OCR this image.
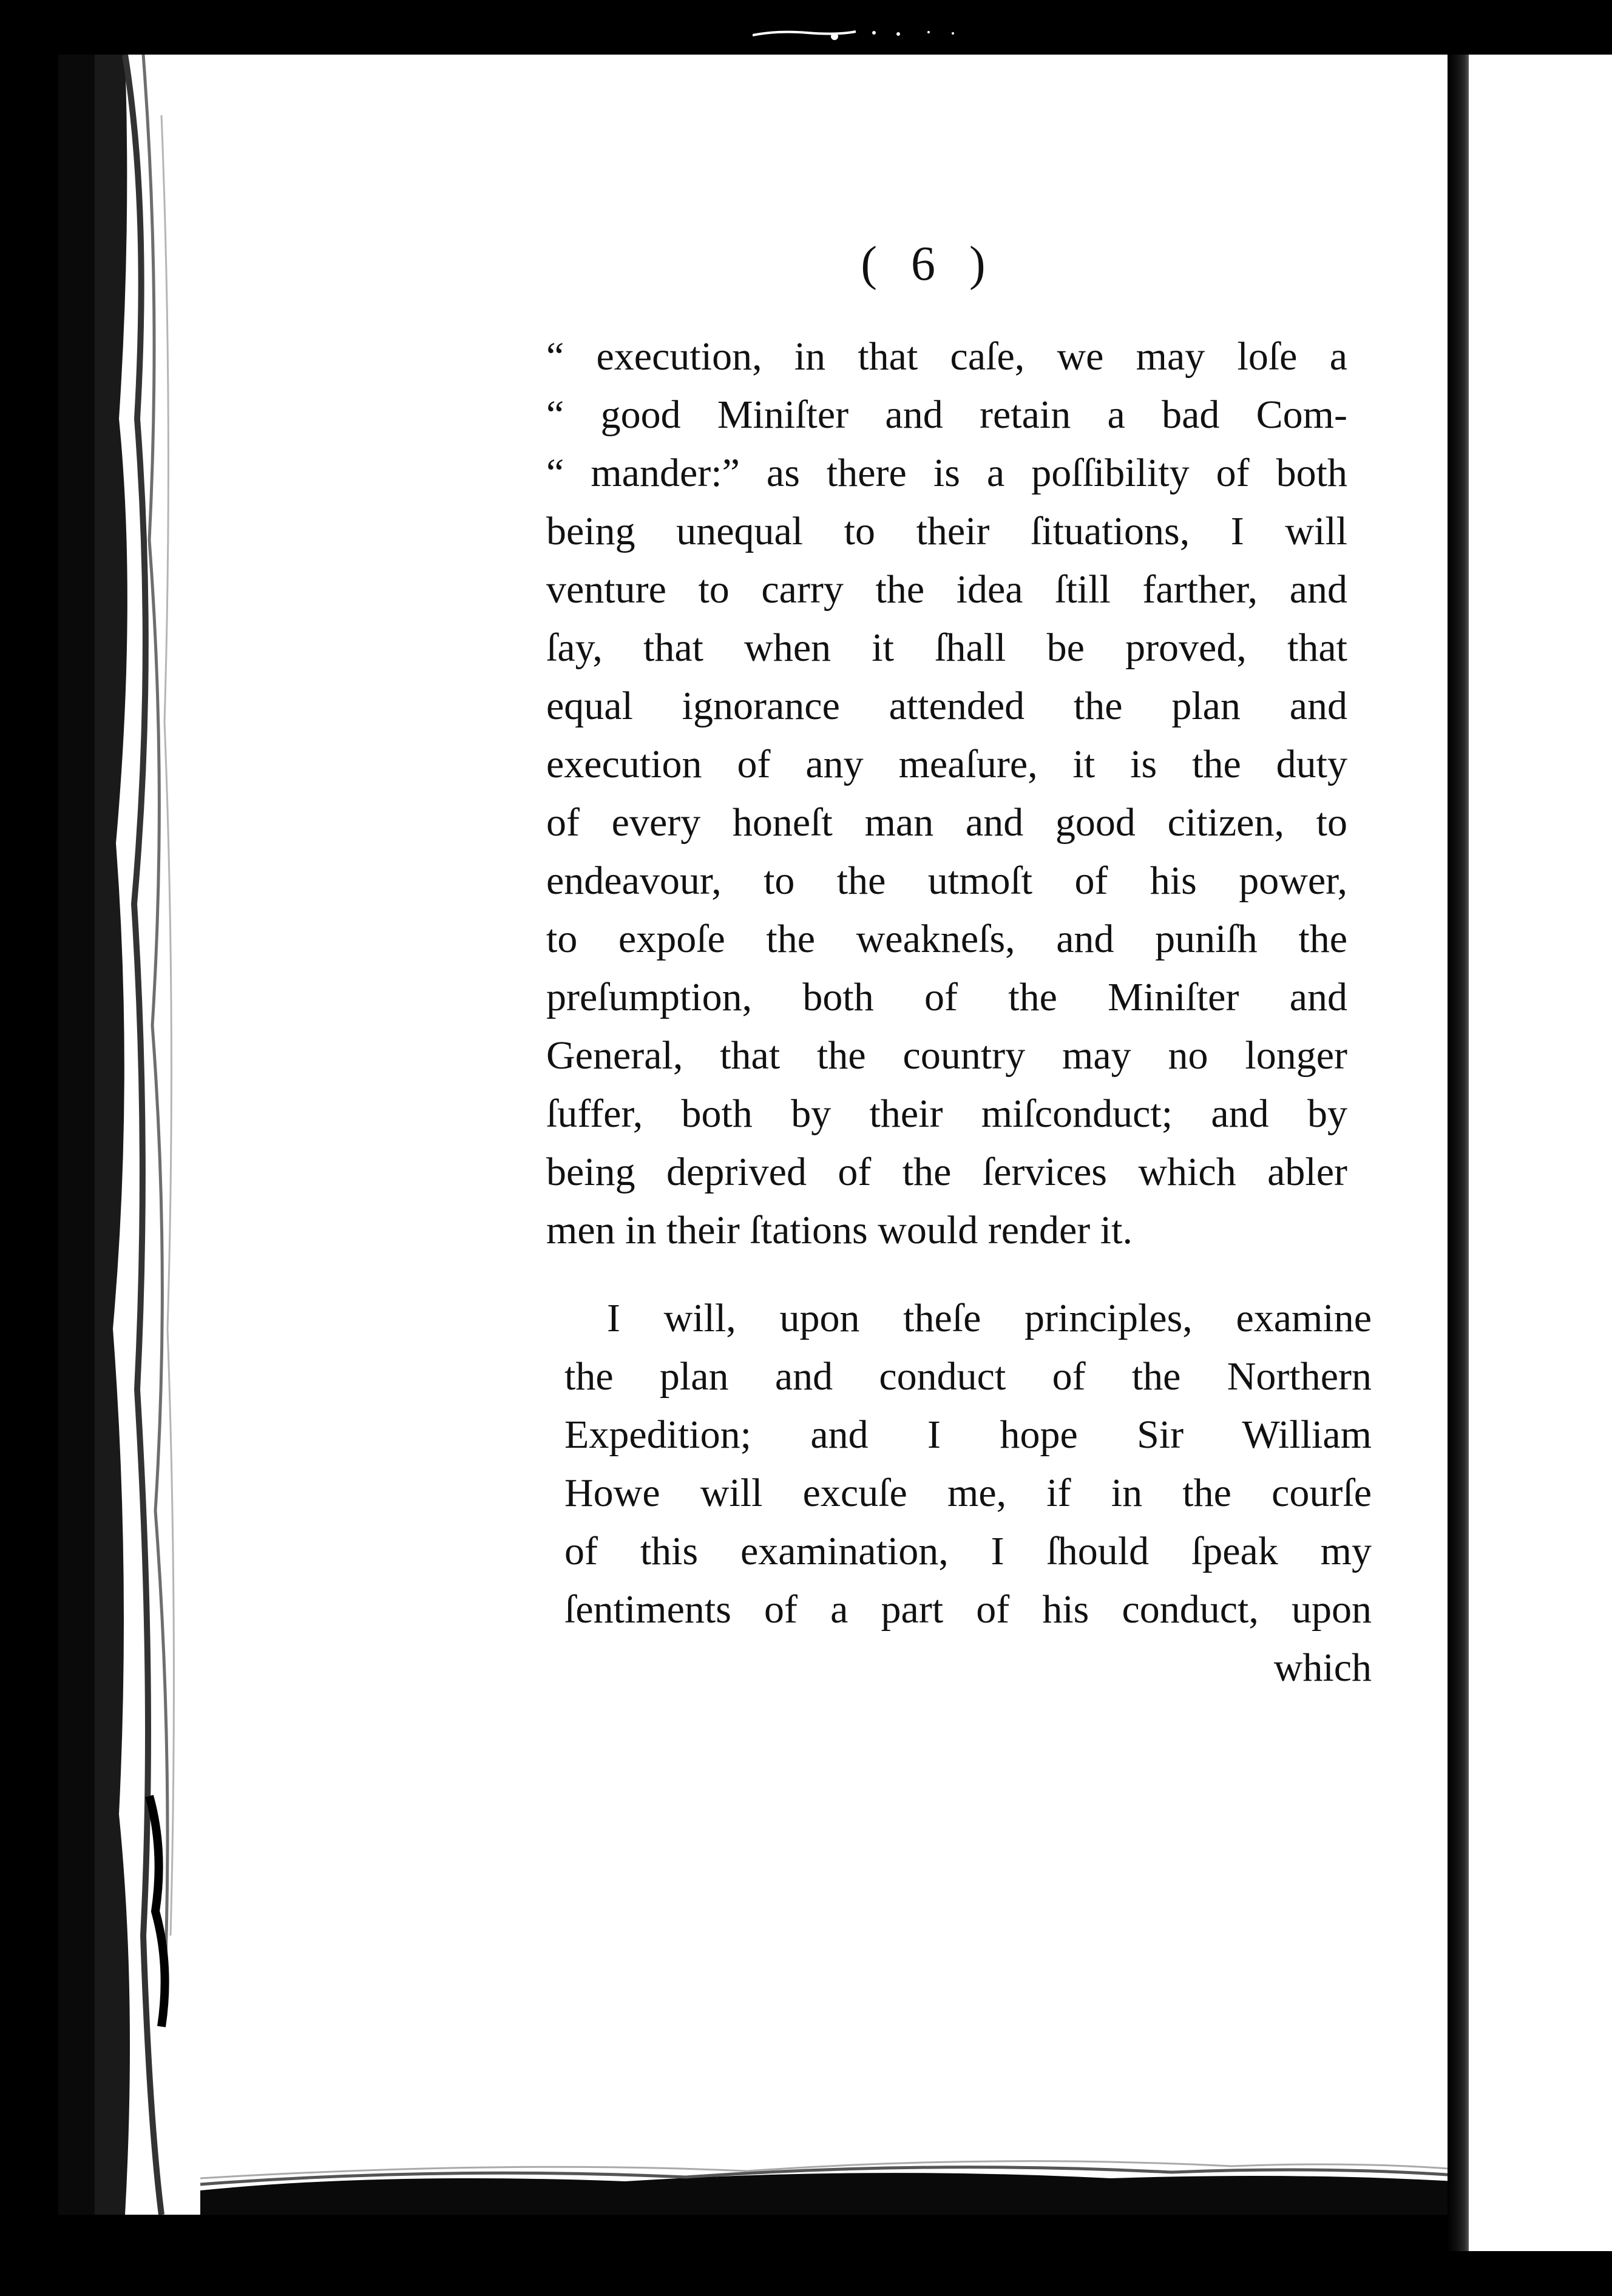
( 6 )
“ execution, in that caſe, we may loſe a
“ good Miniſter and retain a bad Com-
“ mander:” as there is a poſſibility of both
being unequal to their ſituations, I will
venture to carry the idea ſtill farther, and
ſay, that when it ſhall be proved, that
equal ignorance attended the plan and
execution of any meaſure, it is the duty
of every honeſt man and good citizen, to
endeavour, to the utmoſt of his power,
to expoſe the weakneſs, and puniſh the
preſumption, both of the Miniſter and
General, that the country may no longer
ſuffer, both by their miſconduct; and by
being deprived of the ſervices which abler
men in their ſtations would render it.
I will, upon theſe principles, examine
the plan and conduct of the Northern
Expedition; and I hope Sir William
Howe will excuſe me, if in the courſe
of this examination, I ſhould ſpeak my
ſentiments of a part of his conduct, upon
which
